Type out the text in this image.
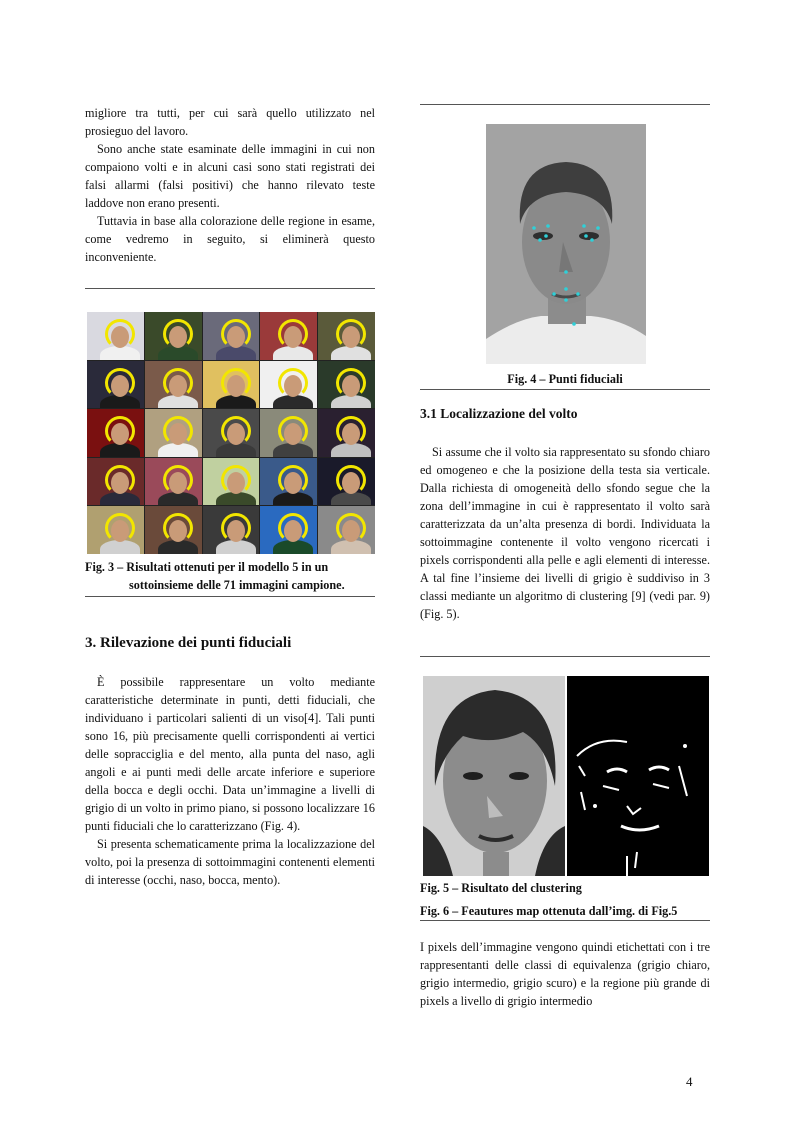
migliore tra tutti, per cui sarà quello utilizzato nel prosieguo del lavoro.

Sono anche state esaminate delle immagini in cui non compaiono volti e in alcuni casi sono stati registrati dei falsi allarmi (falsi positivi) che hanno rilevato teste laddove non erano presenti.

Tuttavia in base alla colorazione delle regione in esame, come vedremo in seguito, si eliminerà questo inconveniente.

Fig. 3 – Risultati ottenuti per il modello 5 in un
sottoinsieme delle 71 immagini campione.
3. Rilevazione dei punti fiduciali

È possibile rappresentare un volto mediante caratteristiche determinate in punti, detti fiduciali, che individuano i particolari salienti di un viso[4]. Tali punti sono 16, più precisamente quelli corrispondenti ai vertici delle sopracciglia e del mento, alla punta del naso, agli angoli e ai punti medi delle arcate inferiore e superiore della bocca e degli occhi. Data un’immagine a livelli di grigio di un volto in primo piano, si possono localizzare 16 punti fiduciali che lo caratterizzano (Fig. 4).

Si presenta schematicamente prima la localizzazione del volto, poi la presenza di sottoimmagini contenenti elementi di interesse (occhi, naso, bocca, mento).

Fig. 4 – Punti fiduciali
3.1 Localizzazione del volto

Si assume che il volto sia rappresentato su sfondo chiaro ed omogeneo e che la posizione della testa sia verticale. Dalla richiesta di omogeneità dello sfondo segue che la zona dell’immagine in cui è rappresentato il volto sarà caratterizzata da un’alta presenza di bordi. Individuata la sottoimmagine contenente il volto vengono ricercati i pixels corrispondenti alla pelle e agli elementi di interesse. A tal fine l’insieme dei livelli di grigio è suddiviso in 3 classi mediante un algoritmo di clustering [9] (vedi par. 9) (Fig. 5).

Fig. 5 – Risultato del clustering
Fig. 6 – Feautures map ottenuta dall’img. di Fig.5

I pixels dell’immagine vengono quindi etichettati con i tre rappresentanti delle classi di equivalenza (grigio chiaro, grigio intermedio, grigio scuro) e la regione più grande di pixels a livello di grigio intermedio

4
